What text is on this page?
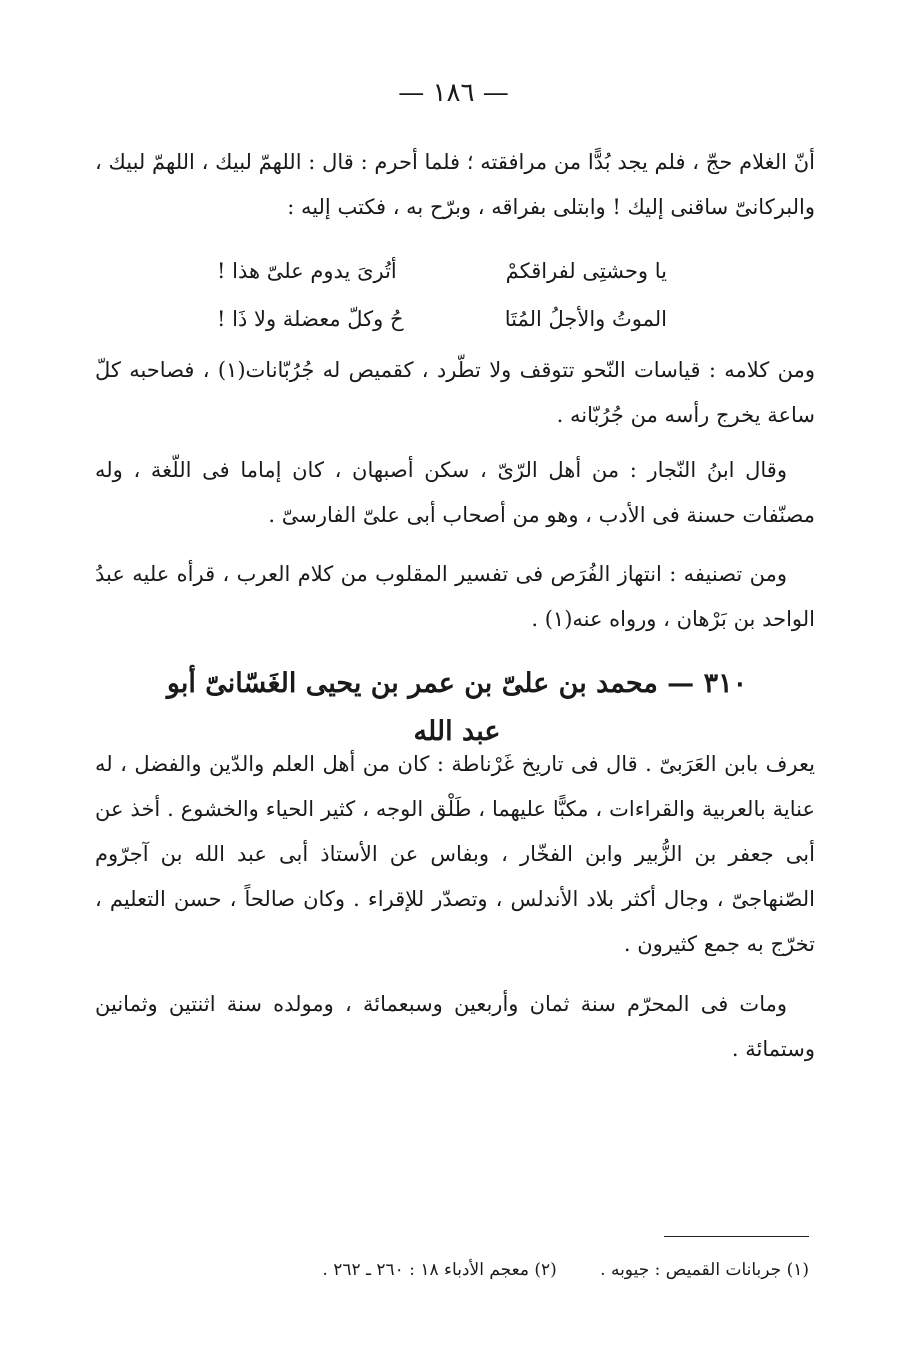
— ١٨٦ —

أنّ الغلام حجّ ، فلم يجد بُدًّا من مرافقته ؛ فلما أحرم : قال : اللهمّ لبيك ، اللهمّ لبيك ، والبركانىّ ساقنى إليك ! وابتلى بفراقه ، وبرّح به ، فكتب إليه :

يا وحشتِى لفراقكمْ
أتُرىَ يدوم علىّ هذا !
الموتُ والأجلُ المُتَا
حُ وكلّ معضلة ولا ذَا !

ومن كلامه : قياسات النّحو تتوقف ولا تطّرد ، كقميص له جُرُبّانات(١) ، فصاحبه كلّ ساعة يخرج رأسه من جُرُبّانه .

وقال ابنُ النّجار : من أهل الرّىّ ، سكن أصبهان ، كان إماما فى اللّغة ، وله مصنّفات حسنة فى الأدب ، وهو من أصحاب أبى علىّ الفارسىّ .

ومن تصنيفه : انتهاز الفُرَص فى تفسير المقلوب من كلام العرب ، قرأه عليه عبدُ الواحد بن بَرْهان ، ورواه عنه(١) .

٣١٠ — محمد بن علىّ بن عمر بن يحيى الغَسّانىّ أبو عبد الله

يعرف بابن العَرَبىّ . قال فى تاريخ غَرْناطة : كان من أهل العلم والدّين والفضل ، له عناية بالعربية والقراءات ، مكبًّا عليهما ، طَلْق الوجه ، كثير الحياء والخشوع . أخذ عن أبى جعفر بن الزُّبير وابن الفخّار ، وبفاس عن الأستاذ أبى عبد الله بن آجرّوم الصّنهاجىّ ، وجال أكثر بلاد الأندلس ، وتصدّر للإقراء . وكان صالحاً ، حسن التعليم ، تخرّج به جمع كثيرون .

ومات فى المحرّم سنة ثمان وأربعين وسبعمائة ، ومولده سنة اثنتين وثمانين وستمائة .

(١) جربانات القميص : جيوبه . (٢) معجم الأدباء ١٨ : ٢٦٠ ـ ٢٦٢ .
